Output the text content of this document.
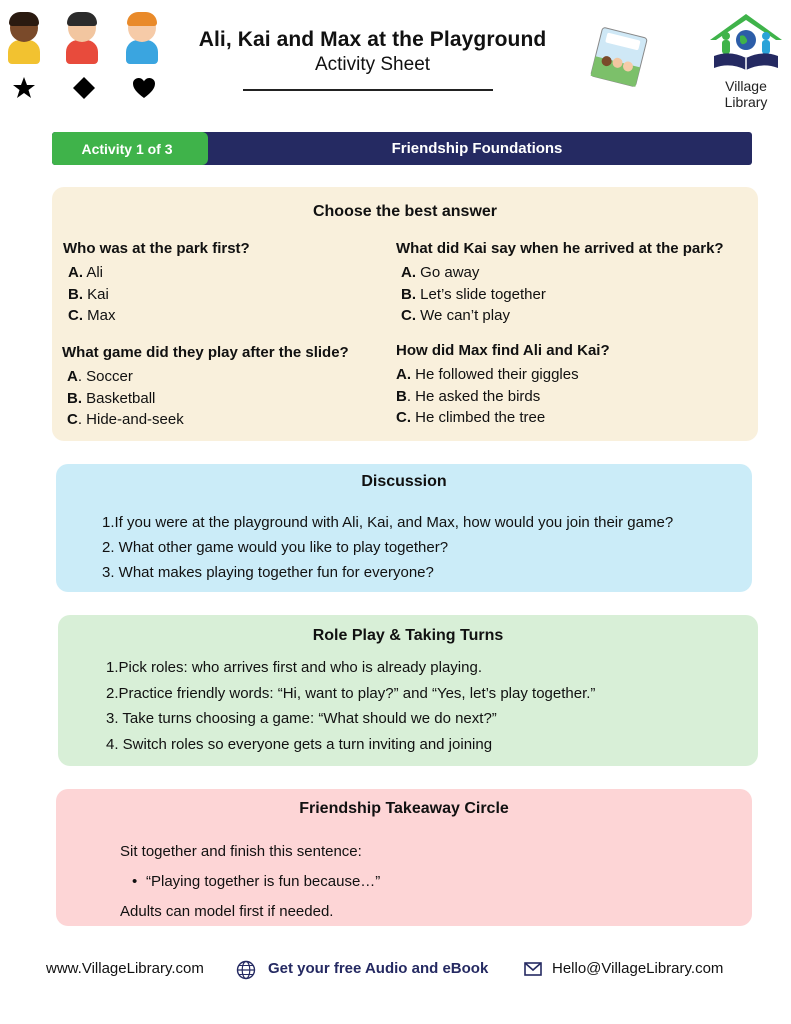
Ali, Kai and Max at the Playground
Activity Sheet
Village
Library
Friendship Foundations
Activity 1 of 3
Choose the best answer
Who was at the park first?
A. Ali
B. Kai
C. Max
What did Kai say when he arrived at the park?
A. Go away
B. Let’s slide together
C. We can’t play
What game did they play after the slide?
A. Soccer
B. Basketball
C. Hide-and-seek
How did Max find Ali and Kai?
A. He followed their giggles
B. He asked the birds
C. He climbed the tree
Discussion
1.If you were at the playground with Ali, Kai, and Max, how would you join their game?
2. What other game would you like to play together?
3. What makes playing together fun for everyone?
Role Play & Taking Turns
1.Pick roles: who arrives first and who is already playing.
2.Practice friendly words: “Hi, want to play?” and “Yes, let’s play together.”
3. Take turns choosing a game: “What should we do next?”
4. Switch roles so everyone gets a turn inviting and joining
Friendship Takeaway Circle
Sit together and finish this sentence:
• “Playing together is fun because…”
Adults can model first if needed.
www.VillageLibrary.com	Get your free Audio and eBook	Hello@VillageLibrary.com
